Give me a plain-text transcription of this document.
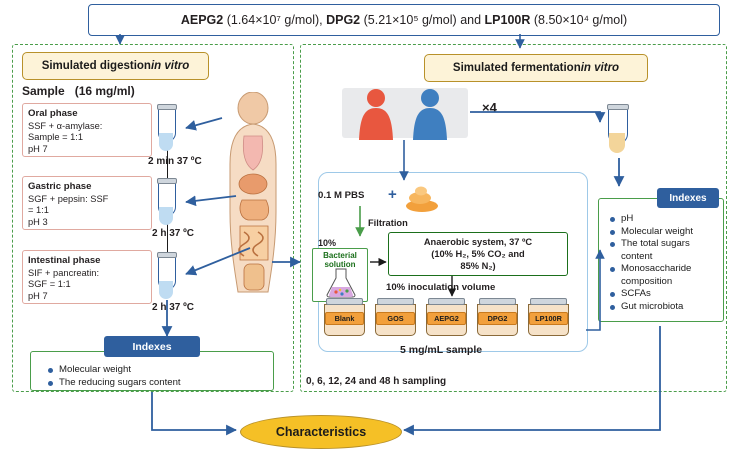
AEPG2 (1.64×10⁷ g/mol), DPG2 (5.21×10⁵ g/mol) and LP100R (8.50×10⁴ g/mol)
Simulated digestion in vitro	Simulated fermentation in vitro
Sample (16 mg/ml)
Oral phase
SSF + α-amylase:
Sample = 1:1
pH 7
Gastric phase
SGF + pepsin: SSF
= 1:1
pH 3
Intestinal phase
SIF + pancreatin:
SGF = 1:1
pH 7
2 min 37 ºC
2 h 37 ºC
2 h 37 ºC
Molecular weight
The reducing sugars content
Indexes
×4
0.1 M PBS +
Filtration
10%
Bacterial solution
Anaerobic system, 37 ºC
(10% H₂, 5% CO₂ and
85% N₂)
10% inoculation volume
Blank	GOS	AEPG2	DPG2	LP100R
5 mg/mL sample
0, 6, 12, 24 and 48 h sampling
pH
Molecular weight
The total sugars content
Monosaccharide composition
SCFAs
Gut microbiota
Indexes
Characteristics
